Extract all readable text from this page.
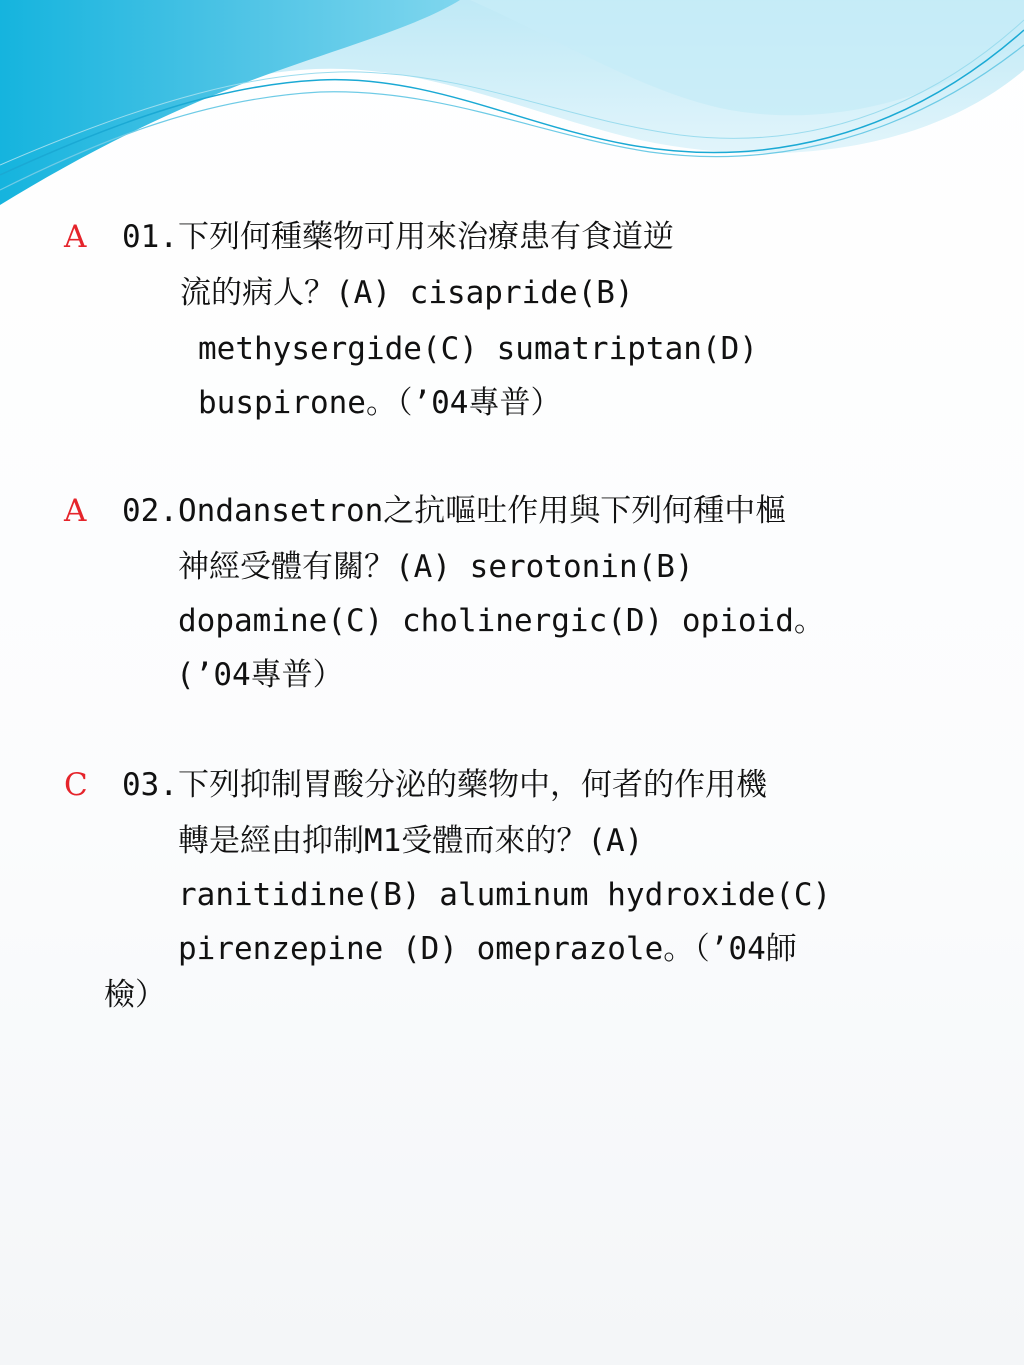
A 01.下列何種藥物可用來治療患有食道逆
流的病人？(A) cisapride(B)
methysergide(C) sumatriptan(D)
buspirone。（’04專普）
A 02.Ondansetron之抗嘔吐作用與下列何種中樞
神經受體有關？(A) serotonin(B)
dopamine(C) cholinergic(D) opioid。
(’04專普）
C 03.下列抑制胃酸分泌的藥物中，何者的作用機
轉是經由抑制M1受體而來的？(A)
ranitidine(B) aluminum hydroxide(C)
pirenzepine (D) omeprazole。（’04師
檢）
